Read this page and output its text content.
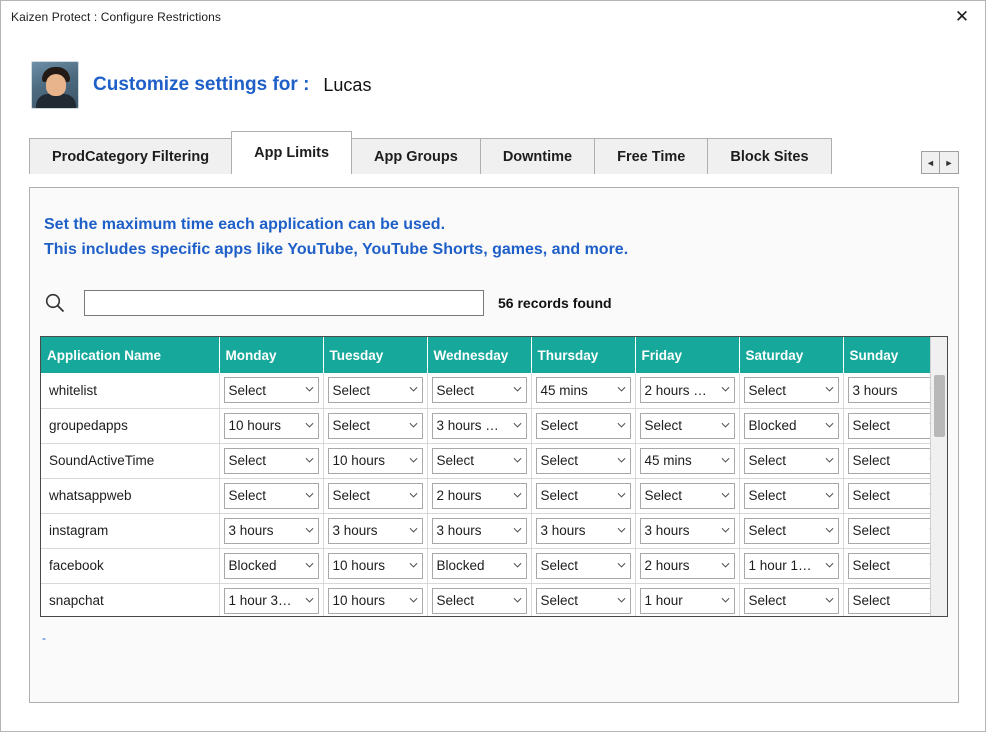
Kaizen Protect : Configure Restrictions	✕
Customize settings for : Lucas
ProdCategory Filtering	App Limits	App Groups	Downtime	Free Time	Block Sites	◄	►
Set the maximum time each application can be used.
This includes specific apps like YouTube, YouTube Shorts, games, and more.
56 records found
Application Name	Monday	Tuesday	Wednesday	Thursday	Friday	Saturday	Sunday
whitelist	Select	Select	Select	45 mins	2 hours …	Select	3 hours

groupedapps	10 hours	Select	3 hours …	Select	Select	Blocked	Select

SoundActiveTime	Select	10 hours	Select	Select	45 mins	Select	Select

whatsappweb	Select	Select	2 hours	Select	Select	Select	Select

instagram	3 hours	3 hours	3 hours	3 hours	3 hours	Select	Select

facebook	Blocked	10 hours	Blocked	Select	2 hours	1 hour 1…	Select

snapchat	1 hour 3…	10 hours	Select	Select	1 hour	Select	Select
-
